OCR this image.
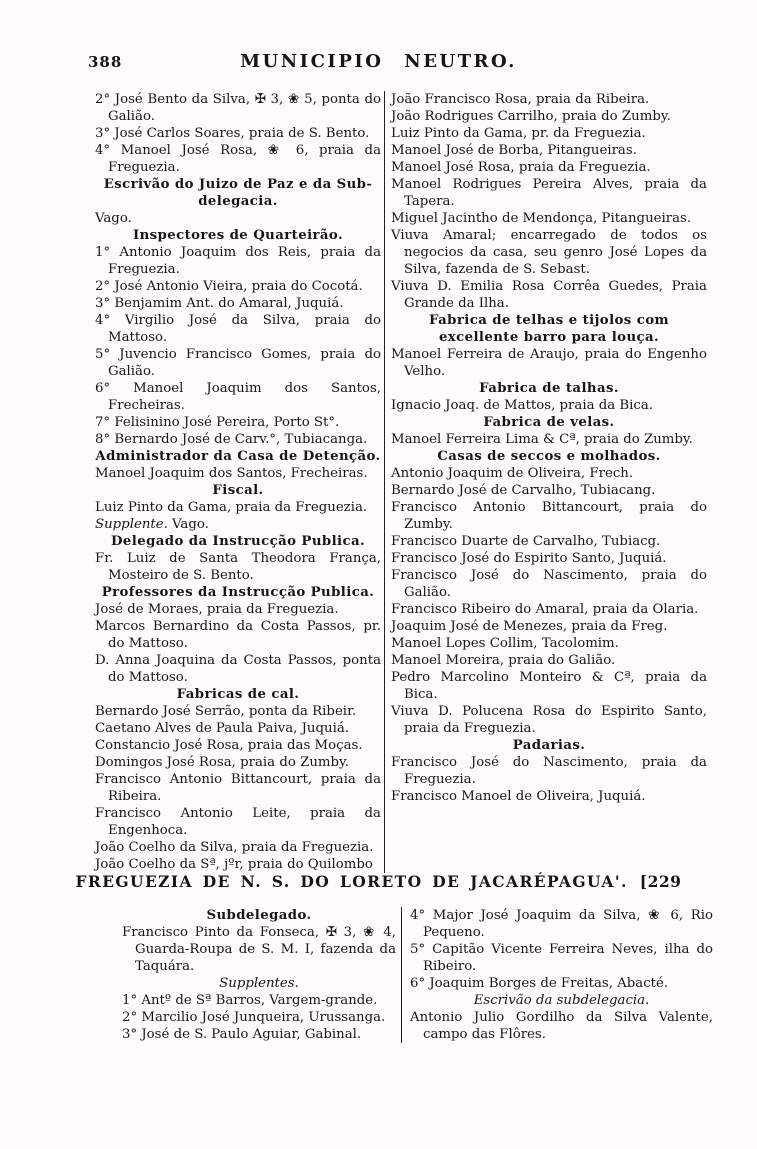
388	MUNICIPIO NEUTRO.

2° José Bento da Silva, ✠ 3, ❀ 5, ponta do Galião.

3° José Carlos Soares, praia de S. Bento.

4° Manoel José Rosa, ❀ 6, praia da Freguezia.

Escrivão do Juizo de Paz e da Sub-delegacia.

Vago.

Inspectores de Quarteirão.

1° Antonio Joaquim dos Reis, praia da Freguezia.

2° José Antonio Vieira, praia do Cocotá.

3° Benjamim Ant. do Amaral, Juquiá.

4° Virgilio José da Silva, praia do Mattoso.

5° Juvencio Francisco Gomes, praia do Galião.

6° Manoel Joaquim dos Santos, Frecheiras.

7° Felisinino José Pereira, Porto St°.

8° Bernardo José de Carv.°, Tubiacanga.

Administrador da Casa de Detenção.

Manoel Joaquim dos Santos, Frecheiras.

Fiscal.

Luiz Pinto da Gama, praia da Freguezia.

Supplente. Vago.

Delegado da Instrucção Publica.

Fr. Luiz de Santa Theodora França, Mosteiro de S. Bento.

Professores da Instrucção Publica.

José de Moraes, praia da Freguezia.

Marcos Bernardino da Costa Passos, pr. do Mattoso.

D. Anna Joaquina da Costa Passos, ponta do Mattoso.

Fabricas de cal.

Bernardo José Serrão, ponta da Ribeir.

Caetano Alves de Paula Paiva, Juquiá.

Constancio José Rosa, praia das Moças.

Domingos José Rosa, praia do Zumby.

Francisco Antonio Bittancourt, praia da Ribeira.

Francisco Antonio Leite, praia da Engenhoca.

João Coelho da Silva, praia da Freguezia.

João Coelho da Sª, jºr, praia do Quilombo

João Francisco Rosa, praia da Ribeira.

João Rodrigues Carrilho, praia do Zumby.

Luiz Pinto da Gama, pr. da Freguezia.

Manoel José de Borba, Pitangueiras.

Manoel José Rosa, praia da Freguezia.

Manoel Rodrigues Pereira Alves, praia da Tapera.

Miguel Jacintho de Mendonça, Pitangueiras.

Viuva Amaral; encarregado de todos os negocios da casa, seu genro José Lopes da Silva, fazenda de S. Sebast.

Viuva D. Emilia Rosa Corrêa Guedes, Praia Grande da Ilha.

Fabrica de telhas e tijolos com excellente barro para louça.

Manoel Ferreira de Araujo, praia do Engenho Velho.

Fabrica de talhas.

Ignacio Joaq. de Mattos, praia da Bica.

Fabrica de velas.

Manoel Ferreira Lima & Cª, praia do Zumby.

Casas de seccos e molhados.

Antonio Joaquim de Oliveira, Frech.

Bernardo José de Carvalho, Tubiacang.

Francisco Antonio Bittancourt, praia do Zumby.

Francisco Duarte de Carvalho, Tubiacg.

Francisco José do Espirito Santo, Juquiá.

Francisco José do Nascimento, praia do Galião.

Francisco Ribeiro do Amaral, praia da Olaria.

Joaquim José de Menezes, praia da Freg.

Manoel Lopes Collim, Tacolomim.

Manoel Moreira, praia do Galião.

Pedro Marcolino Monteiro & Cª, praia da Bica.

Viuva D. Polucena Rosa do Espirito Santo, praia da Freguezia.

Padarias.

Francisco José do Nascimento, praia da Freguezia.

Francisco Manoel de Oliveira, Juquiá.

FREGUEZIA DE N. S. DO LORETO DE JACARÉPAGUA'. [229

Subdelegado.

Francisco Pinto da Fonseca, ✠ 3, ❀ 4, Guarda-Roupa de S. M. I, fazenda da Taquára.

Supplentes.

1° Antº de Sª Barros, Vargem-grande.

2° Marcilio José Junqueira, Urussanga.

3° José de S. Paulo Aguiar, Gabinal.

4° Major José Joaquim da Silva, ❀ 6, Rio Pequeno.

5° Capitão Vicente Ferreira Neves, ilha do Ribeiro.

6° Joaquim Borges de Freitas, Abacté.

Escrivão da subdelegacia.

Antonio Julio Gordilho da Silva Valente, campo das Flôres.
